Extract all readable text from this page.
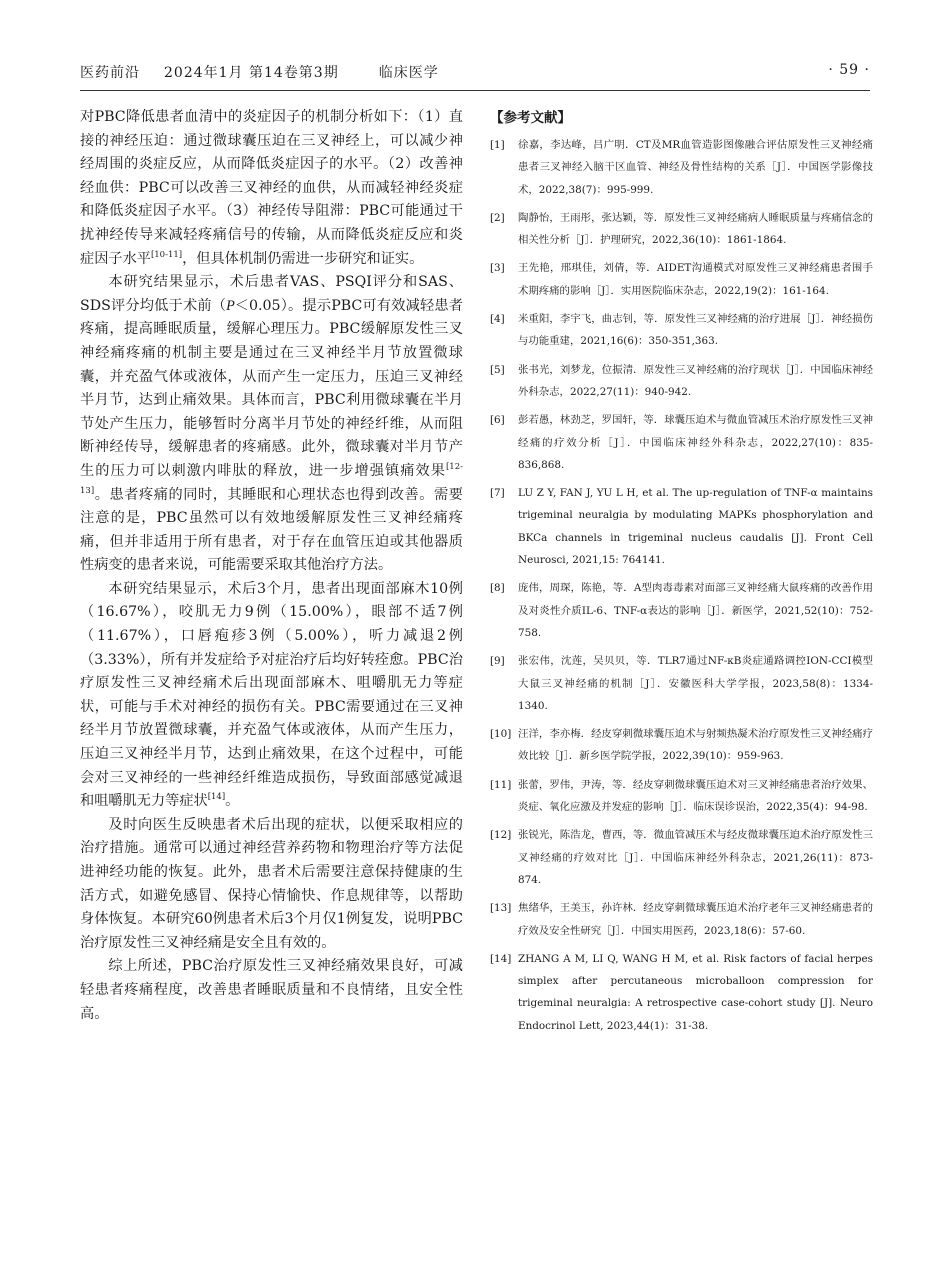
医药前沿 2024年1月 第14卷第3期	临床医学	· 59 ·

对PBC降低患者血清中的炎症因子的机制分析如下：（1）直接的神经压迫：通过微球囊压迫在三叉神经上，可以减少神经周围的炎症反应，从而降低炎症因子的水平。（2）改善神经血供：PBC可以改善三叉神经的血供，从而减轻神经炎症和降低炎症因子水平。（3）神经传导阻滞：PBC可能通过干扰神经传导来减轻疼痛信号的传输，从而降低炎症反应和炎症因子水平[10-11]，但具体机制仍需进一步研究和证实。

本研究结果显示，术后患者VAS、PSQI评分和SAS、SDS评分均低于术前（P＜0.05）。提示PBC可有效减轻患者疼痛，提高睡眠质量，缓解心理压力。PBC缓解原发性三叉神经痛疼痛的机制主要是通过在三叉神经半月节放置微球囊，并充盈气体或液体，从而产生一定压力，压迫三叉神经半月节，达到止痛效果。具体而言，PBC利用微球囊在半月节处产生压力，能够暂时分离半月节处的神经纤维，从而阻断神经传导，缓解患者的疼痛感。此外，微球囊对半月节产生的压力可以刺激内啡肽的释放，进一步增强镇痛效果[12-13]。患者疼痛的同时，其睡眠和心理状态也得到改善。需要注意的是，PBC虽然可以有效地缓解原发性三叉神经痛疼痛，但并非适用于所有患者，对于存在血管压迫或其他器质性病变的患者来说，可能需要采取其他治疗方法。

本研究结果显示，术后3个月，患者出现面部麻木10例（16.67%），咬肌无力9例（15.00%），眼部不适7例（11.67%），口唇疱疹3例（5.00%），听力减退2例（3.33%），所有并发症给予对症治疗后均好转痊愈。PBC治疗原发性三叉神经痛术后出现面部麻木、咀嚼肌无力等症状，可能与手术对神经的损伤有关。PBC需要通过在三叉神经半月节放置微球囊，并充盈气体或液体，从而产生压力，压迫三叉神经半月节，达到止痛效果，在这个过程中，可能会对三叉神经的一些神经纤维造成损伤，导致面部感觉减退和咀嚼肌无力等症状[14]。

及时向医生反映患者术后出现的症状，以便采取相应的治疗措施。通常可以通过神经营养药物和物理治疗等方法促进神经功能的恢复。此外，患者术后需要注意保持健康的生活方式，如避免感冒、保持心情愉快、作息规律等，以帮助身体恢复。本研究60例患者术后3个月仅1例复发，说明PBC治疗原发性三叉神经痛是安全且有效的。

综上所述，PBC治疗原发性三叉神经痛效果良好，可减轻患者疼痛程度，改善患者睡眠质量和不良情绪，且安全性高。

【参考文献】
[1]	徐嘉，李达峰，吕广明．CT及MR血管造影图像融合评估原发性三叉神经痛患者三叉神经入脑干区血管、神经及骨性结构的关系［J］．中国医学影像技术，2022,38(7)：995-999.
[2]	陶静怡，王雨彤，张达颖，等．原发性三叉神经痛病人睡眠质量与疼痛信念的相关性分析［J］．护理研究，2022,36(10)：1861-1864.
[3]	王先艳，邢琪佳，刘倩，等．AIDET沟通模式对原发性三叉神经痛患者围手术期疼痛的影响［J］．实用医院临床杂志，2022,19(2)：161-164.
[4]	米重阳，李宇飞，曲志钊，等．原发性三叉神经痛的治疗进展［J］．神经损伤与功能重建，2021,16(6)：350-351,363.
[5]	张书光，刘梦龙，位振清．原发性三叉神经痛的治疗现状［J］．中国临床神经外科杂志，2022,27(11)：940-942.
[6]	彭若愚，林劲芝，罗国轩，等．球囊压迫术与微血管减压术治疗原发性三叉神经痛的疗效分析［J］．中国临床神经外科杂志，2022,27(10)：835-836,868.
[7]	LU Z Y, FAN J, YU L H, et al. The up-regulation of TNF-α maintains trigeminal neuralgia by modulating MAPKs phosphorylation and BKCa channels in trigeminal nucleus caudalis [J]. Front Cell Neurosci, 2021,15: 764141.
[8]	庞伟，周琛，陈艳，等．A型肉毒毒素对面部三叉神经痛大鼠疼痛的改善作用及对炎性介质IL-6、TNF-α表达的影响［J］．新医学，2021,52(10)：752-758.
[9]	张宏伟，沈莲，吴贝贝，等．TLR7通过NF-κB炎症通路调控ION-CCI模型大鼠三叉神经痛的机制［J］．安徽医科大学学报，2023,58(8)：1334-1340.
[10] 汪洋，李亦梅．经皮穿刺微球囊压迫术与射频热凝术治疗原发性三叉神经痛疗效比较［J］．新乡医学院学报，2022,39(10)：959-963.
[11] 张蕾，罗伟，尹涛，等．经皮穿刺微球囊压迫术对三叉神经痛患者治疗效果、炎症、氧化应激及并发症的影响［J］．临床误诊误治，2022,35(4)：94-98.
[12] 张锐光，陈浩龙，曹西，等．微血管减压术与经皮微球囊压迫术治疗原发性三叉神经痛的疗效对比［J］．中国临床神经外科杂志，2021,26(11)：873-874.
[13] 焦绪华，王美玉，孙许林．经皮穿刺微球囊压迫术治疗老年三叉神经痛患者的疗效及安全性研究［J］．中国实用医药，2023,18(6)：57-60.
[14] ZHANG A M, LI Q, WANG H M, et al. Risk factors of facial herpes simplex after percutaneous microballoon compression for trigeminal neuralgia: A retrospective case-cohort study [J]. Neuro Endocrinol Lett, 2023,44(1)：31-38.
